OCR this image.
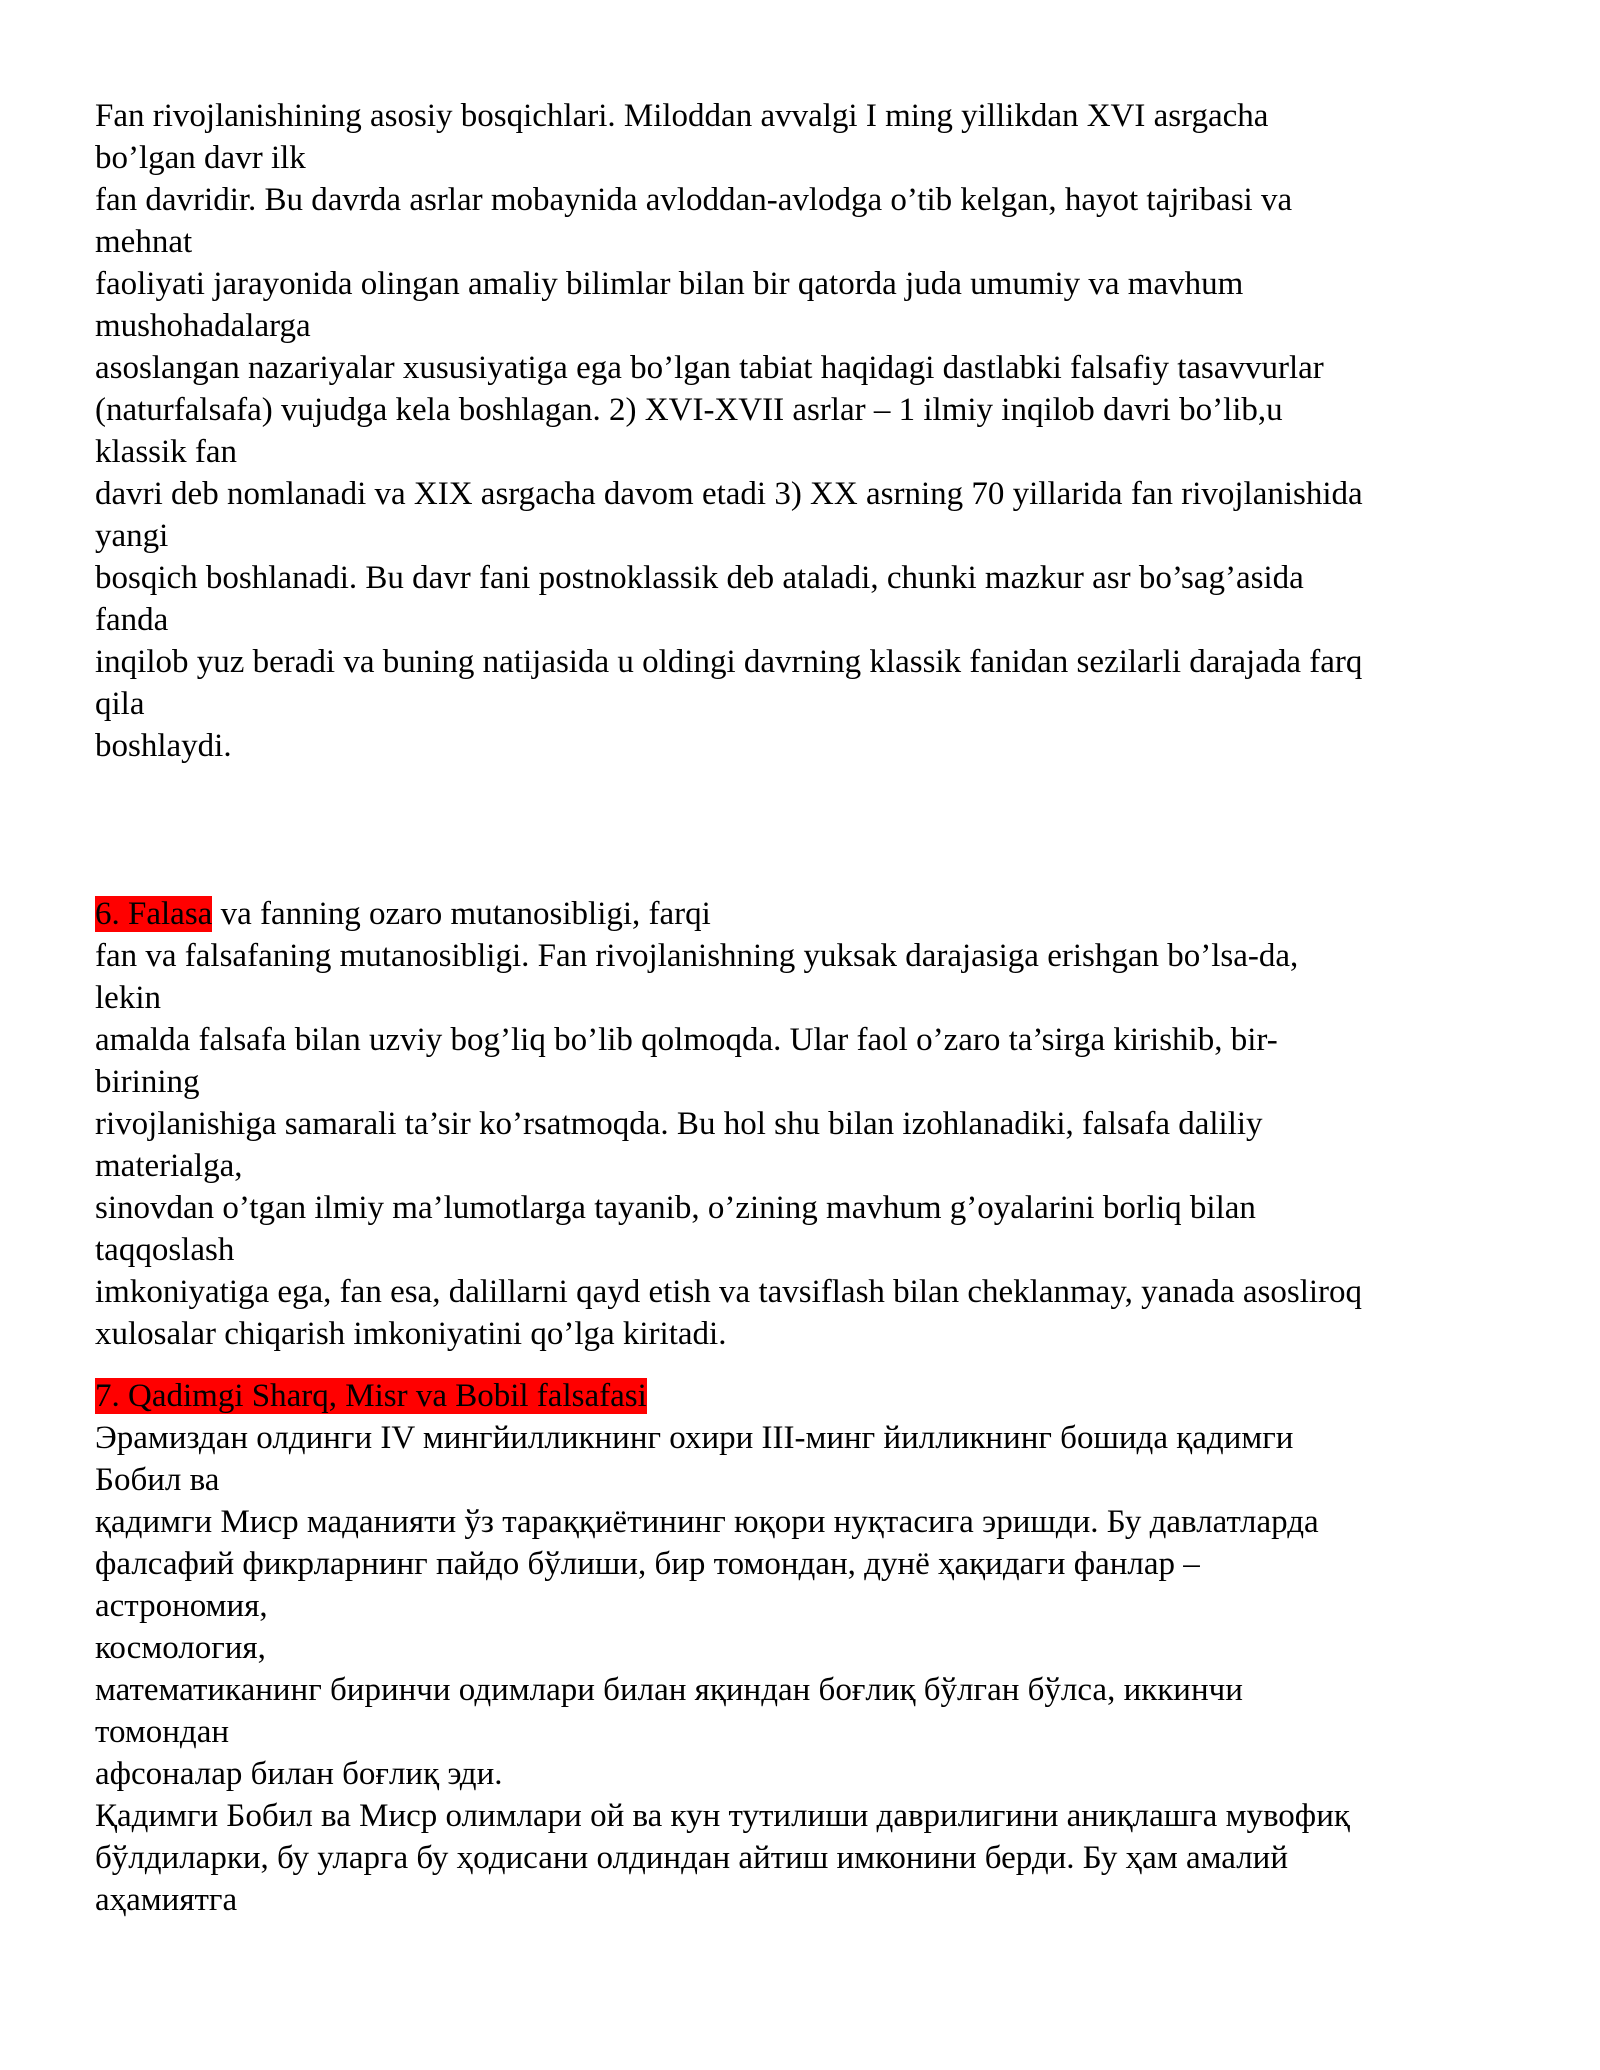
Fan rivojlanishining asosiy bosqichlari. Miloddan avvalgi I ming yillikdan XVI asrgacha
bo’lgan davr ilk
fan davridir. Bu davrda asrlar mobaynida avloddan-avlodga o’tib kelgan, hayot tajribasi va
mehnat
faoliyati jarayonida olingan amaliy bilimlar bilan bir qatorda juda umumiy va mavhum
mushohadalarga
asoslangan nazariyalar xususiyatiga ega bo’lgan tabiat haqidagi dastlabki falsafiy tasavvurlar
(naturfalsafa) vujudga kela boshlagan. 2) XVI-XVII asrlar – 1 ilmiy inqilob davri bo’lib,u
klassik fan
davri deb nomlanadi va XIX asrgacha davom etadi 3) XX asrning 70 yillarida fan rivojlanishida
yangi
bosqich boshlanadi. Bu davr fani postnoklassik deb ataladi, chunki mazkur asr bo’sag’asida
fanda
inqilob yuz beradi va buning natijasida u oldingi davrning klassik fanidan sezilarli darajada farq
qila
boshlaydi.
6. Falasa va fanning ozaro mutanosibligi, farqi
fan va falsafaning mutanosibligi. Fan rivojlanishning yuksak darajasiga erishgan bo’lsa-da,
lekin
amalda falsafa bilan uzviy bog’liq bo’lib qolmoqda. Ular faol o’zaro ta’sirga kirishib, bir-
birining
rivojlanishiga samarali ta’sir ko’rsatmoqda. Bu hol shu bilan izohlanadiki, falsafa daliliy
materialga,
sinovdan o’tgan ilmiy ma’lumotlarga tayanib, o’zining mavhum g’oyalarini borliq bilan
taqqoslash
imkoniyatiga ega, fan esa, dalillarni qayd etish va tavsiflash bilan cheklanmay, yanada asosliroq
xulosalar chiqarish imkoniyatini qo’lga kiritadi.
7. Qadimgi Sharq, Misr va Bobil falsafasi
Эрамиздан олдинги IV мингйилликнинг охири III-минг йилликнинг бошида қадимги
Бобил ва
қадимги Миср маданияти ўз тараққиётининг юқори нуқтасига эришди. Бу давлатларда
фалсафий фикрларнинг пайдо бўлиши, бир томондан, дунё ҳақидаги фанлар –
астрономия,
космология,
математиканинг биринчи одимлари билан яқиндан боғлиқ бўлган бўлса, иккинчи
томондан
афсоналар билан боғлиқ эди.
Қадимги Бобил ва Миср олимлари ой ва кун тутилиши даврилигини аниқлашга мувофиқ
бўлдиларки, бу уларга бу ҳодисани олдиндан айтиш имконини берди. Бу ҳам амалий
аҳамиятга
